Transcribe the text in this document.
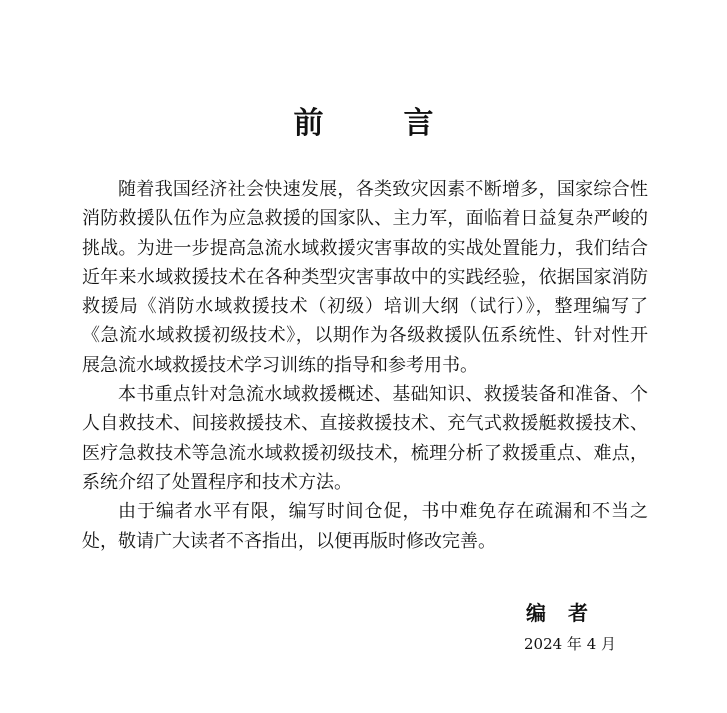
前言

随着我国经济社会快速发展，各类致灾因素不断增多，国家综合性消防救援队伍作为应急救援的国家队、主力军，面临着日益复杂严峻的挑战。为进一步提高急流水域救援灾害事故的实战处置能力，我们结合近年来水域救援技术在各种类型灾害事故中的实践经验，依据国家消防救援局《消防水域救援技术（初级）培训大纲（试行）》，整理编写了《急流水域救援初级技术》，以期作为各级救援队伍系统性、针对性开展急流水域救援技术学习训练的指导和参考用书。

本书重点针对急流水域救援概述、基础知识、救援装备和准备、个人自救技术、间接救援技术、直接救援技术、充气式救援艇救援技术、医疗急救技术等急流水域救援初级技术，梳理分析了救援重点、难点，系统介绍了处置程序和技术方法。

由于编者水平有限，编写时间仓促，书中难免存在疏漏和不当之处，敬请广大读者不吝指出，以便再版时修改完善。

编者
2024 年 4 月
